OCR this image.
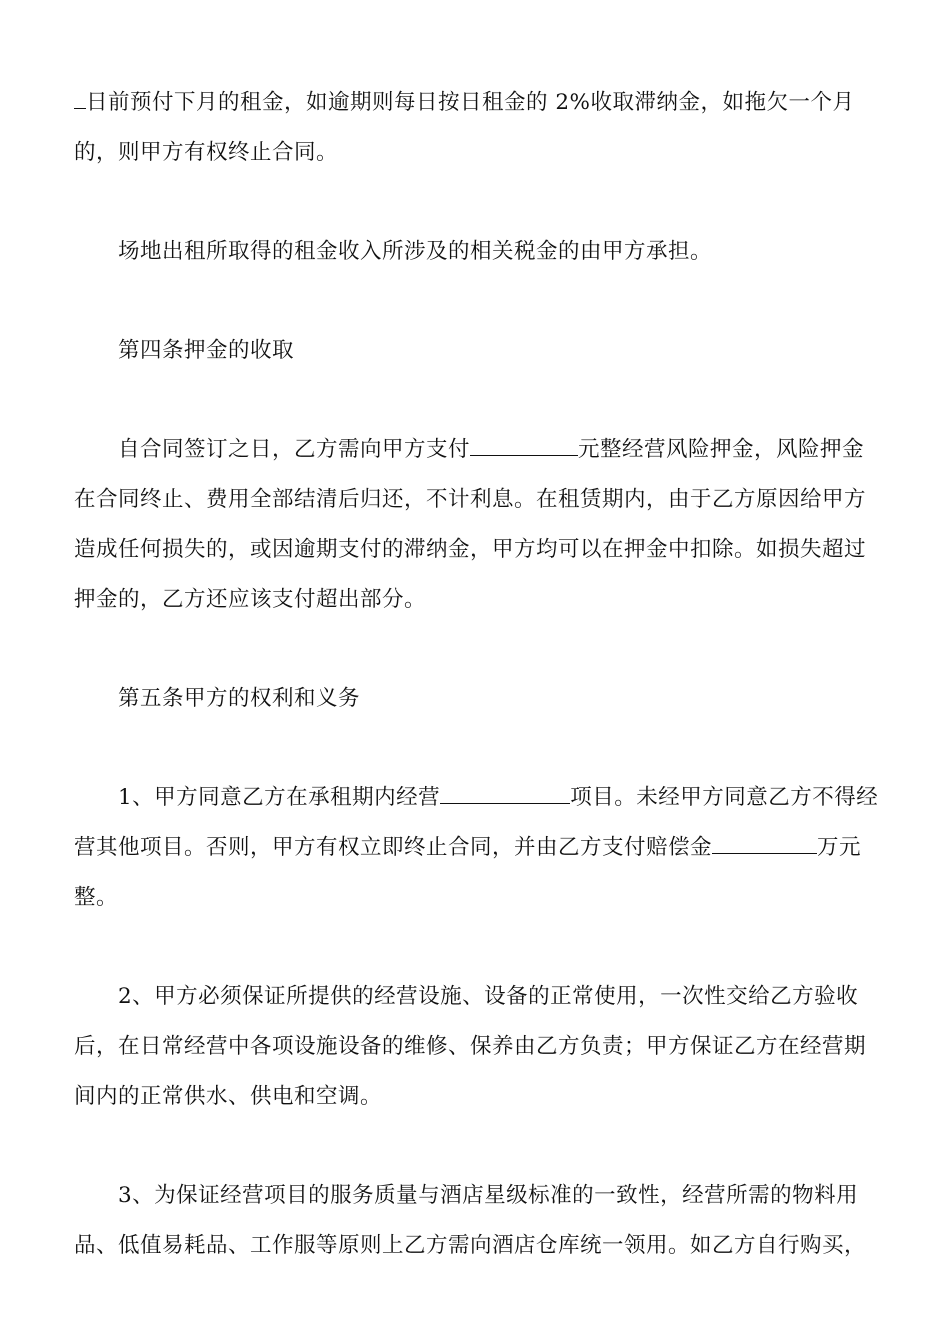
日前预付下月的租金，如逾期则每日按日租金的 2%收取滞纳金，如拖欠一个月的，则甲方有权终止合同。

场地出租所取得的租金收入所涉及的相关税金的由甲方承担。

第四条押金的收取

自合同签订之日，乙方需向甲方支付	元整经营风险押金，风险押金在合同终止、费用全部结清后归还，不计利息。在租赁期内，由于乙方原因给甲方造成任何损失的，或因逾期支付的滞纳金，甲方均可以在押金中扣除。如损失超过押金的，乙方还应该支付超出部分。

第五条甲方的权利和义务

1、甲方同意乙方在承租期内经营	项目。未经甲方同意乙方不得经营其他项目。否则，甲方有权立即终止合同，并由乙方支付赔偿金	万元整。

2、甲方必须保证所提供的经营设施、设备的正常使用，一次性交给乙方验收后，在日常经营中各项设施设备的维修、保养由乙方负责；甲方保证乙方在经营期间内的正常供水、供电和空调。

3、为保证经营项目的服务质量与酒店星级标准的一致性，经营所需的物料用品、低值易耗品、工作服等原则上乙方需向酒店仓库统一领用。如乙方自行购买，
